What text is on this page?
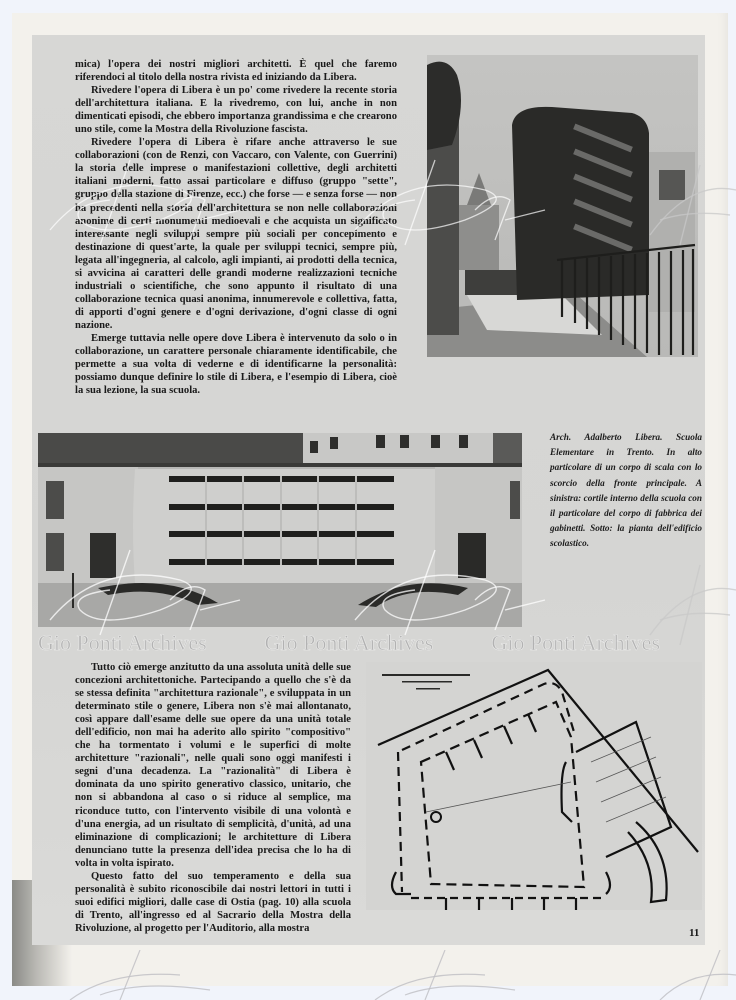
mica) l'opera dei nostri migliori architetti. È quel che faremo riferendoci al titolo della nostra rivista ed iniziando da Libera.

Rivedere l'opera di Libera è un po' come rivedere la recente storia dell'architettura italiana. E la rivedremo, con lui, anche in non dimenticati episodi, che ebbero importanza grandissima e che crearono uno stile, come la Mostra della Rivoluzione fascista.

Rivedere l'opera di Libera è rifare anche attraverso le sue collaborazioni (con de Renzi, con Vaccaro, con Valente, con Guerrini) la storia delle imprese o manifestazioni collettive, degli architetti italiani moderni, fatto assai particolare e diffuso (gruppo "sette", gruppo della stazione di Firenze, ecc.) che forse — e senza forse — non ha precedenti nella storia dell'architettura se non nelle collaborazioni anonime di certi monumenti medioevali e che acquista un significato interessante negli sviluppi sempre più sociali per concepimento e destinazione di quest'arte, la quale per sviluppi tecnici, sempre più, legata all'ingegneria, al calcolo, agli impianti, ai prodotti della tecnica, si avvicina ai caratteri delle grandi moderne realizzazioni tecniche industriali o scientifiche, che sono appunto il risultato di una collaborazione tecnica quasi anonima, innumerevole e collettiva, fatta, di apporti d'ogni genere e d'ogni derivazione, d'ogni classe di ogni nazione.

Emerge tuttavia nelle opere dove Libera è intervenuto da solo o in collaborazione, un carattere personale chiaramente identificabile, che permette a sua volta di vederne e di identificarne la personalità: possiamo dunque definire lo stile di Libera, e l'esempio di Libera, cioè la sua lezione, la sua scuola.

Arch. Adalberto Libera. Scuola Elementare in Trento. In alto particolare di un corpo di scala con lo scorcio della fronte principale. A sinistra: cortile interno della scuola con il particolare del corpo di fabbrica dei gabinetti. Sotto: la pianta dell'edificio scolastico.

Tutto ciò emerge anzitutto da una assoluta unità delle sue concezioni architettoniche. Partecipando a quello che s'è da se stessa definita "architettura razionale", e sviluppata in un determinato stile o genere, Libera non s'è mai allontanato, così appare dall'esame delle sue opere da una unità totale dell'edificio, non mai ha aderito allo spirito "compositivo" che ha tormentato i volumi e le superfici di molte architetture "razionali", nelle quali sono oggi manifesti i segni d'una decadenza. La "razionalità" di Libera è dominata da uno spirito generativo classico, unitario, che non si abbandona al caso o si riduce al semplice, ma riconduce tutto, con l'intervento visibile di una volontà e d'una energia, ad un risultato di semplicità, d'unità, ad una eliminazione di complicazioni; le architetture di Libera denunciano tutte la presenza dell'idea precisa che lo ha di volta in volta ispirato.

Questo fatto del suo temperamento e della sua personalità è subito riconoscibile dai nostri lettori in tutti i suoi edifici migliori, dalle case di Ostia (pag. 10) alla scuola di Trento, all'ingresso ed al Sacrario della Mostra della Rivoluzione, al progetto per l'Auditorio, alla mostra	11
Gio Ponti Archives	Gio Ponti Archives	Gio Ponti Archives
